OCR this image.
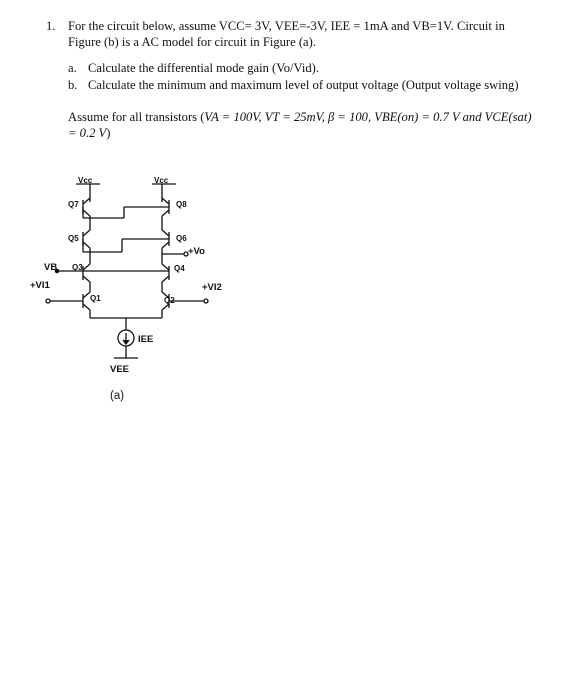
1. For the circuit below, assume VCC= 3V, VEE=-3V, IEE = 1mA and VB=1V. Circuit in Figure (b) is a AC model for circuit in Figure (a).
a. Calculate the differential mode gain (Vo/Vid).
b. Calculate the minimum and maximum level of output voltage (Output voltage swing)
Assume for all transistors (VA = 100V, VT = 25mV, β = 100, VBE(on) = 0.7 V and VCE(sat) = 0.2 V)
Vcc	Vcc
Q7	Q8
Q5	Q6
+Vo
VB Q3	Q4
+VI1	+VI2
Q1	Q2
IEE
VEE
(a)
